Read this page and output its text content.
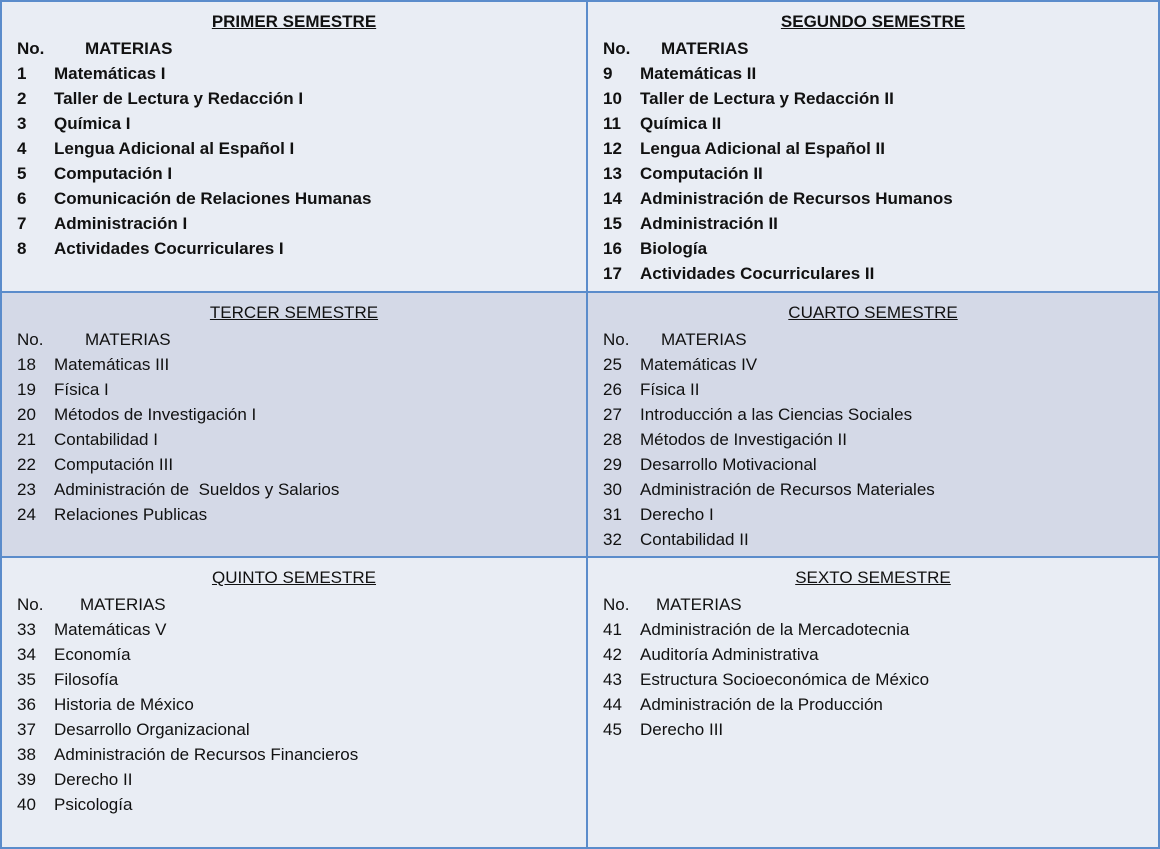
PRIMER SEMESTRE
No. MATERIAS
1 Matemáticas I
2 Taller de Lectura y Redacción I
3 Química I
4 Lengua Adicional al Español I
5 Computación I
6 Comunicación de Relaciones Humanas
7 Administración I
8 Actividades Cocurriculares I
SEGUNDO SEMESTRE
No. MATERIAS
9 Matemáticas II
10 Taller de Lectura y Redacción II
11 Química II
12 Lengua Adicional al Español II
13 Computación II
14 Administración de Recursos Humanos
15 Administración II
16 Biología
17 Actividades Cocurriculares II
TERCER SEMESTRE
No. MATERIAS
18 Matemáticas III
19 Física I
20 Métodos de Investigación I
21 Contabilidad I
22 Computación III
23 Administración de  Sueldos y Salarios
24 Relaciones Publicas
CUARTO SEMESTRE
No. MATERIAS
25 Matemáticas IV
26 Física II
27 Introducción a las Ciencias Sociales
28 Métodos de Investigación II
29 Desarrollo Motivacional
30 Administración de Recursos Materiales
31 Derecho I
32 Contabilidad II
QUINTO SEMESTRE
No. MATERIAS
33 Matemáticas V
34 Economía
35 Filosofía
36 Historia de México
37 Desarrollo Organizacional
38 Administración de Recursos Financieros
39 Derecho II
40 Psicología
SEXTO SEMESTRE
No. MATERIAS
41 Administración de la Mercadotecnia
42 Auditoría Administrativa
43 Estructura Socioeconómica de México
44 Administración de la Producción
45 Derecho III
